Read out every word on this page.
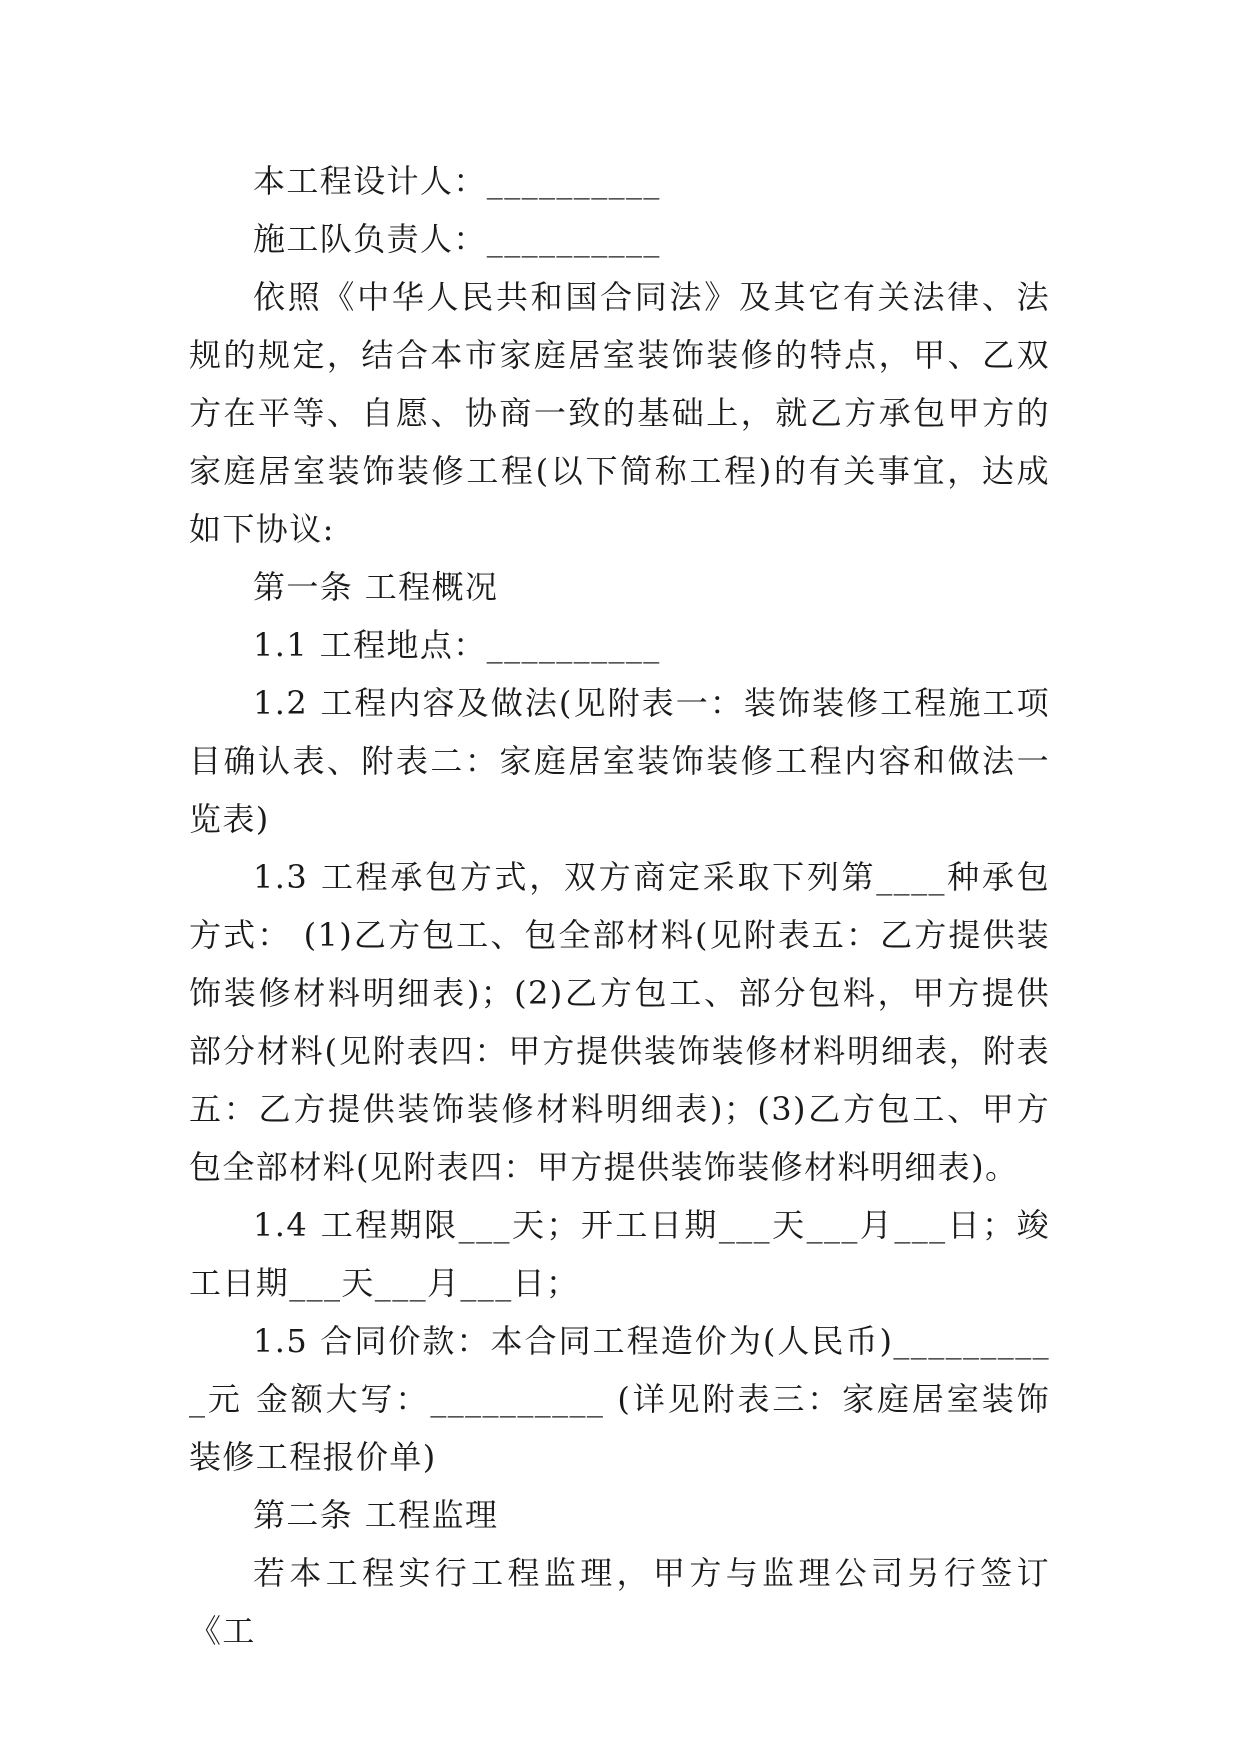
本工程设计人：__________

施工队负责人：__________

依照《中华人民共和国合同法》及其它有关法律、法规的规定，结合本市家庭居室装饰装修的特点，甲、乙双方在平等、自愿、协商一致的基础上，就乙方承包甲方的家庭居室装饰装修工程(以下简称工程)的有关事宜，达成如下协议:

第一条 工程概况

1.1 工程地点：__________

1.2 工程内容及做法(见附表一：装饰装修工程施工项目确认表、附表二：家庭居室装饰装修工程内容和做法一览表)

1.3 工程承包方式，双方商定采取下列第____种承包方式： (1)乙方包工、包全部材料(见附表五：乙方提供装饰装修材料明细表)；(2)乙方包工、部分包料，甲方提供部分材料(见附表四：甲方提供装饰装修材料明细表，附表五：乙方提供装饰装修材料明细表)；(3)乙方包工、甲方包全部材料(见附表四：甲方提供装饰装修材料明细表)。

1.4 工程期限___天；开工日期___天___月___日；竣工日期___天___月___日；

1.5 合同价款：本合同工程造价为(人民币)__________元 金额大写：__________ (详见附表三：家庭居室装饰装修工程报价单)

第二条 工程监理

若本工程实行工程监理，甲方与监理公司另行签订《工
